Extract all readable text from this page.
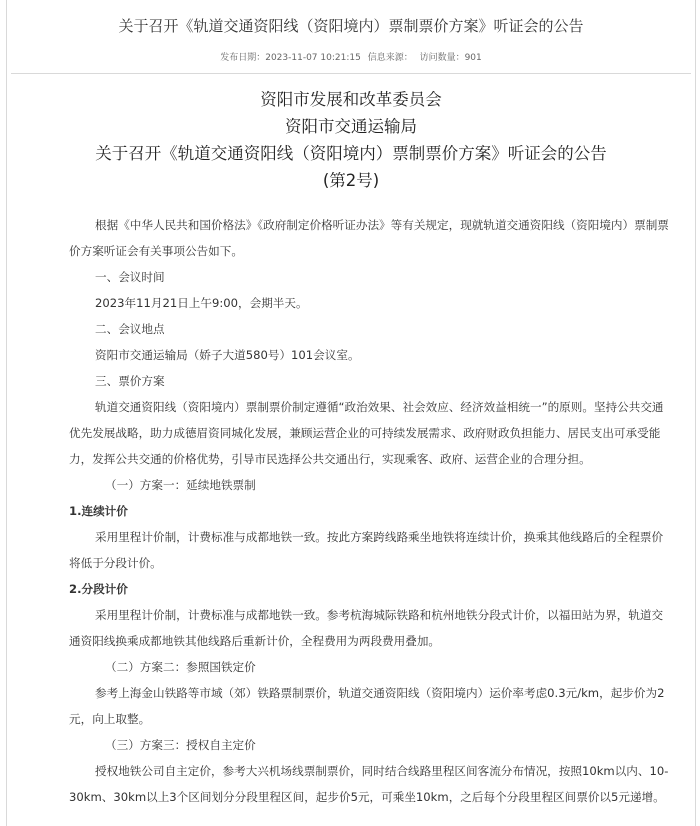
关于召开《轨道交通资阳线（资阳境内）票制票价方案》听证会的公告
发布日期：2023-11-07 10:21:15 信息来源： 访问数量：901
资阳市发展和改革委员会
资阳市交通运输局
关于召开《轨道交通资阳线（资阳境内）票制票价方案》听证会的公告
(第2号)

根据《中华人民共和国价格法》《政府制定价格听证办法》等有关规定，现就轨道交通资阳线（资阳境内）票制票价方案听证会有关事项公告如下。

一、会议时间

2023年11月21日上午9:00，会期半天。

二、会议地点

资阳市交通运输局（娇子大道580号）101会议室。

三、票价方案

轨道交通资阳线（资阳境内）票制票价制定遵循“政治效果、社会效应、经济效益相统一”的原则。坚持公共交通优先发展战略，助力成德眉资同城化发展，兼顾运营企业的可持续发展需求、政府财政负担能力、居民支出可承受能力，发挥公共交通的价格优势，引导市民选择公共交通出行，实现乘客、政府、运营企业的合理分担。

（一）方案一：延续地铁票制

1.连续计价

采用里程计价制，计费标准与成都地铁一致。按此方案跨线路乘坐地铁将连续计价，换乘其他线路后的全程票价将低于分段计价。

2.分段计价

采用里程计价制，计费标准与成都地铁一致。参考杭海城际铁路和杭州地铁分段式计价，以福田站为界，轨道交通资阳线换乘成都地铁其他线路后重新计价，全程费用为两段费用叠加。

（二）方案二：参照国铁定价

参考上海金山铁路等市域（郊）铁路票制票价，轨道交通资阳线（资阳境内）运价率考虑0.3元/km，起步价为2元，向上取整。

（三）方案三：授权自主定价

授权地铁公司自主定价，参考大兴机场线票制票价，同时结合线路里程区间客流分布情况，按照10km以内、10-30km、30km以上3个区间划分分段里程区间，起步价5元，可乘坐10km，之后每个分段里程区间票价以5元递增。
